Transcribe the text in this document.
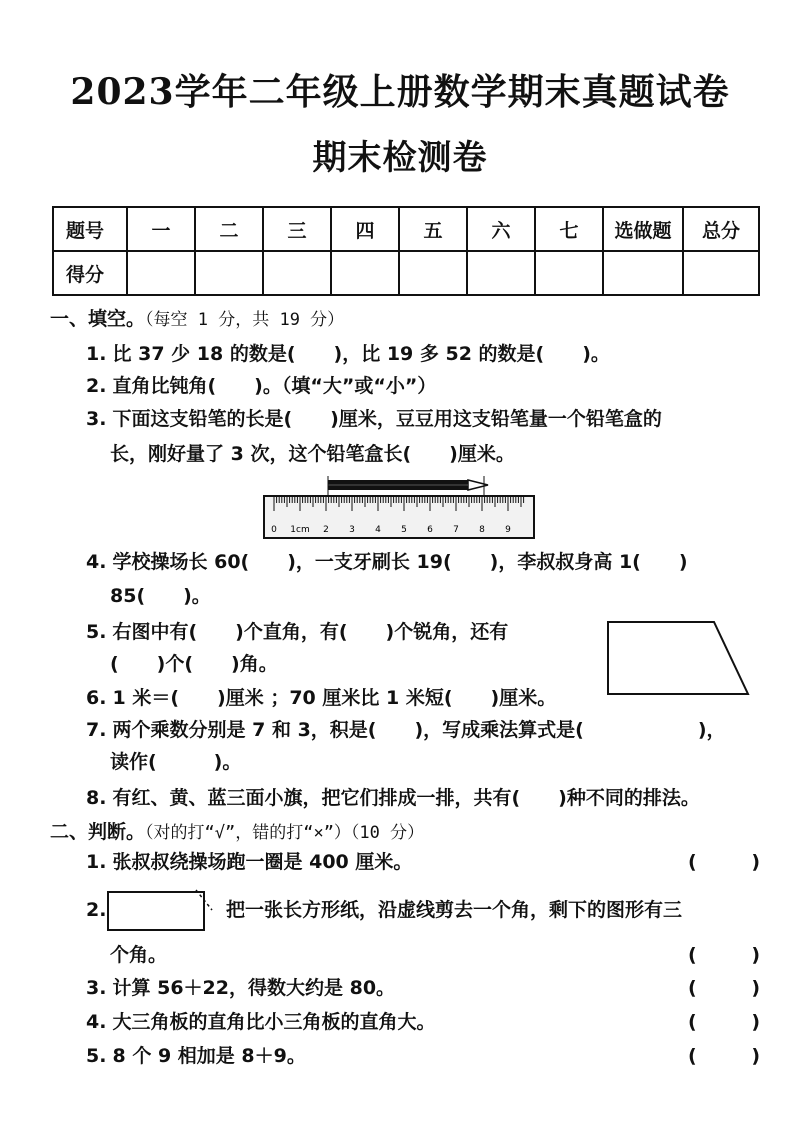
2023学年二年级上册数学期末真题试卷
期末检测卷
题号	一	二	三	四	五	六	七	选做题	总分
得分									
一、填空。（每空 1 分，共 19 分）
1. 比 37 少 18 的数是(　　)，比 19 多 52 的数是(　　)。
2. 直角比钝角(　　)。（填“大”或“小”）
3. 下面这支铅笔的长是(　　)厘米，豆豆用这支铅笔量一个铅笔盒的
长，刚好量了 3 次，这个铅笔盒长(　　)厘米。
0 1cm 2 3 4 5 6 7 8 9
4. 学校操场长 60(　　)，一支牙刷长 19(　　)，李叔叔身高 1(　　)
85(　　)。
5. 右图中有(　　)个直角，有(　　)个锐角，还有
(　　)个(　　)角。
6. 1 米＝(　　)厘米 ；70 厘米比 1 米短(　　)厘米。
7. 两个乘数分别是 7 和 3，积是(　　)，写成乘法算式是(　　　　　　)，
读作(　　　)。
8. 有红、黄、蓝三面小旗，把它们排成一排，共有(　　)种不同的排法。
二、判断。（对的打“√”，错的打“×”）（10 分）
1. 张叔叔绕操场跑一圈是 400 厘米。	(	)
2.	把一张长方形纸，沿虚线剪去一个角，剩下的图形有三
个角。	(	)
3. 计算 56＋22，得数大约是 80。	(	)
4. 大三角板的直角比小三角板的直角大。	(	)
5. 8 个 9 相加是 8＋9。	(	)
